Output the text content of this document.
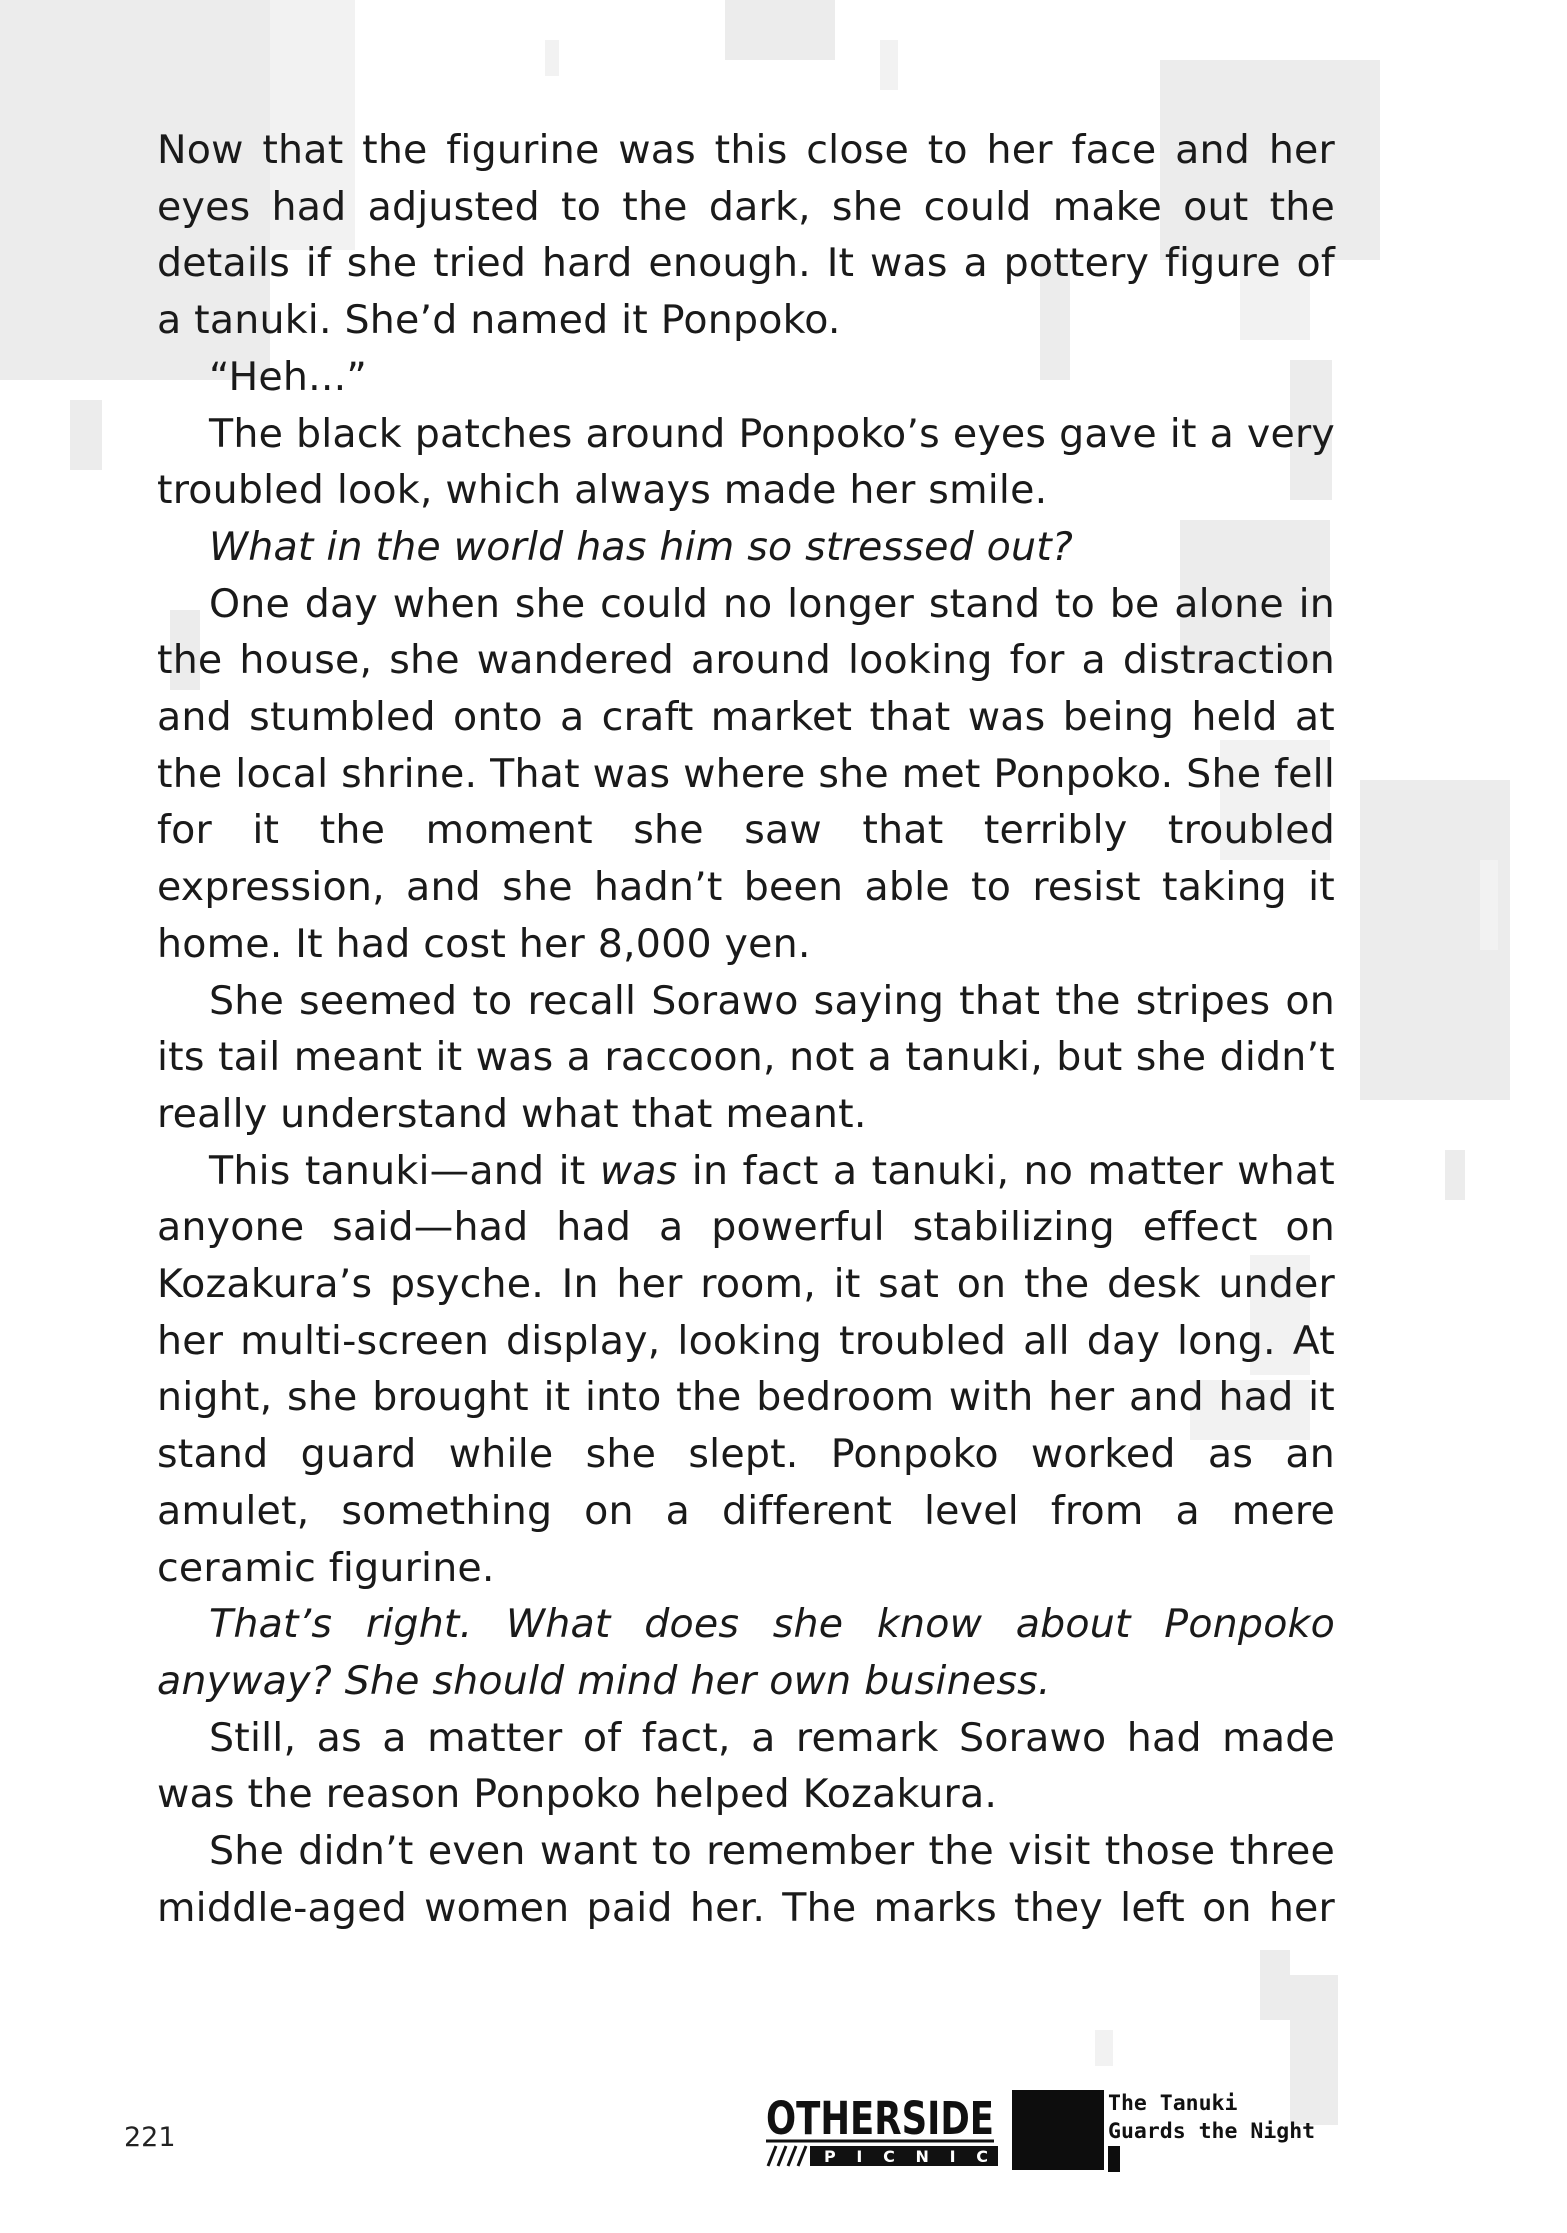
Now that the figurine was this close to her face and her eyes had adjusted to the dark, she could make out the details if she tried hard enough. It was a pottery figure of a tanuki. She’d named it Ponpoko.

“Heh...”

The black patches around Ponpoko’s eyes gave it a very troubled look, which always made her smile.

What in the world has him so stressed out?

One day when she could no longer stand to be alone in the house, she wandered around looking for a distraction and stumbled onto a craft market that was being held at the local shrine. That was where she met Ponpoko. She fell for it the moment she saw that terribly troubled expression, and she hadn’t been able to resist taking it home. It had cost her 8,000 yen.

She seemed to recall Sorawo saying that the stripes on its tail meant it was a raccoon, not a tanuki, but she didn’t really understand what that meant.

This tanuki—and it was in fact a tanuki, no matter what anyone said—had had a powerful stabilizing effect on Kozakura’s psyche. In her room, it sat on the desk under her multi-screen display, looking troubled all day long. At night, she brought it into the bedroom with her and had it stand guard while she slept. Ponpoko worked as an amulet, something on a different level from a mere ceramic figurine.

That’s right. What does she know about Ponpoko anyway? She should mind her own business.

Still, as a matter of fact, a remark Sorawo had made was the reason Ponpoko helped Kozakura.

She didn’t even want to remember the visit those three middle-aged women paid her. The marks they left on her

221	OTHERSIDE
PICNIC
The Tanuki
Guards the Night
